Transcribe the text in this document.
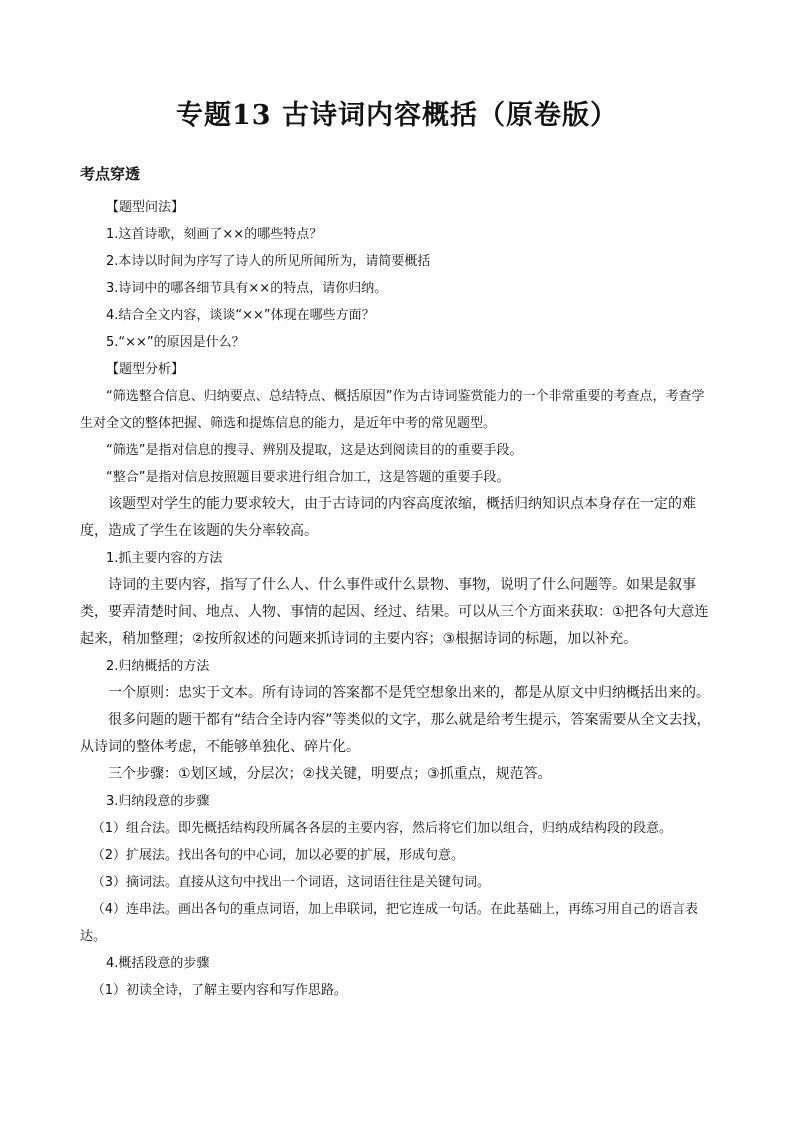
专题13 古诗词内容概括（原卷版）
考点穿透
【题型问法】
1.这首诗歌，刻画了××的哪些特点？
2.本诗以时间为序写了诗人的所见所闻所为，请简要概括
3.诗词中的哪各细节具有××的特点，请你归纳。
4.结合全文内容，谈谈“××”体现在哪些方面？
5.“××”的原因是什么？
【题型分析】
“筛选整合信息、归纳要点、总结特点、概括原因”作为古诗词鉴赏能力的一个非常重要的考查点，考查学生对全文的整体把握、筛选和提炼信息的能力，是近年中考的常见题型。
“筛选”是指对信息的搜寻、辨别及提取，这是达到阅读目的的重要手段。
“整合”是指对信息按照题目要求进行组合加工，这是答题的重要手段。
该题型对学生的能力要求较大，由于古诗词的内容高度浓缩，概括归纳知识点本身存在一定的难度，造成了学生在该题的失分率较高。
1.抓主要内容的方法
诗词的主要内容，指写了什么人、什么事件或什么景物、事物，说明了什么问题等。如果是叙事类，要弄清楚时间、地点、人物、事情的起因、经过、结果。可以从三个方面来获取：①把各句大意连起来，稍加整理；②按所叙述的问题来抓诗词的主要内容；③根据诗词的标题，加以补充。
2.归纳概括的方法
一个原则：忠实于文本。所有诗词的答案都不是凭空想象出来的，都是从原文中归纳概括出来的。
很多问题的题干都有“结合全诗内容”等类似的文字，那么就是给考生提示，答案需要从全文去找，从诗词的整体考虑，不能够单独化、碎片化。
三个步骤：①划区域，分层次；②找关键，明要点；③抓重点，规范答。
3.归纳段意的步骤
（1）组合法。即先概括结构段所属各各层的主要内容，然后将它们加以组合，归纳成结构段的段意。
（2）扩展法。找出各句的中心词，加以必要的扩展，形成句意。
（3）摘词法。直接从这句中找出一个词语，这词语往往是关键句词。
（4）连串法。画出各句的重点词语，加上串联词，把它连成一句话。在此基础上，再练习用自己的语言表达。
4.概括段意的步骤
（1）初读全诗，了解主要内容和写作思路。
